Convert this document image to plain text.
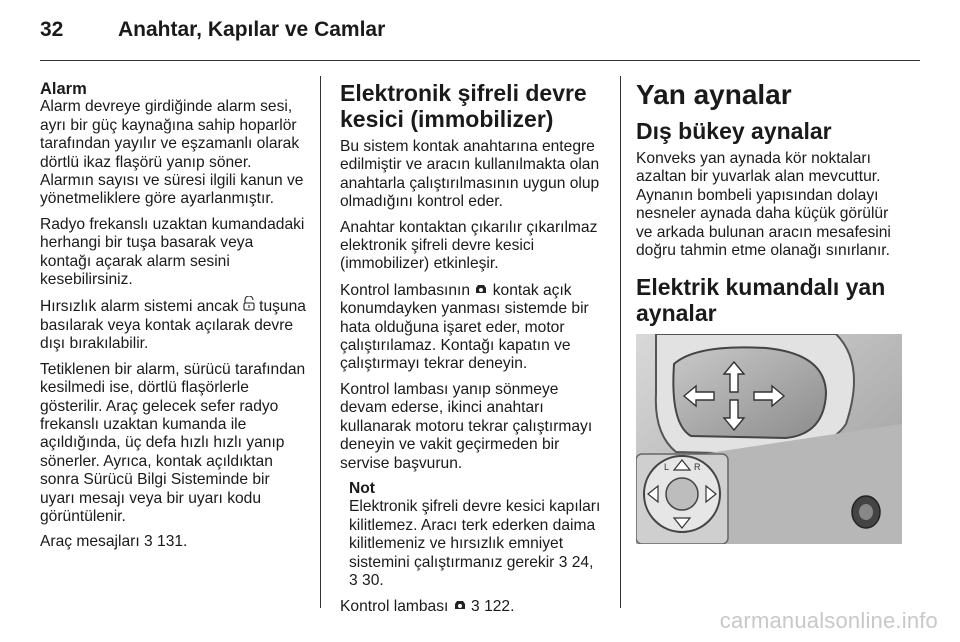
32	Anahtar, Kapılar ve Camlar
Alarm

Alarm devreye girdiğinde alarm sesi, ayrı bir güç kaynağına sahip hoparlör tarafından yayılır ve eşzamanlı olarak dörtlü ikaz flaşörü yanıp söner. Alarmın sayısı ve süresi ilgili kanun ve yönetmeliklere göre ayarlanmıştır.

Radyo frekanslı uzaktan kumandadaki herhangi bir tuşa basarak veya kontağı açarak alarm sesini kesebilirsiniz.

Hırsızlık alarm sistemi ancak tuşuna basılarak veya kontak açılarak devre dışı bırakılabilir.

Tetiklenen bir alarm, sürücü tarafından kesilmedi ise, dörtlü flaşörlerle gösterilir. Araç gelecek sefer radyo frekanslı uzaktan kumanda ile açıldığında, üç defa hızlı hızlı yanıp sönerler. Ayrıca, kontak açıldıktan sonra Sürücü Bilgi Sisteminde bir uyarı mesajı veya bir uyarı kodu görüntülenir.

Araç mesajları 3 131.

Elektronik şifreli devre kesici (immobilizer)

Bu sistem kontak anahtarına entegre edilmiştir ve aracın kullanılmakta olan anahtarla çalıştırılmasının uygun olup olmadığını kontrol eder.

Anahtar kontaktan çıkarılır çıkarılmaz elektronik şifreli devre kesici (immobilizer) etkinleşir.

Kontrol lambasının kontak açık konumdayken yanması sistemde bir hata olduğuna işaret eder, motor çalıştırılamaz. Kontağı kapatın ve çalıştırmayı tekrar deneyin.

Kontrol lambası yanıp sönmeye devam ederse, ikinci anahtarı kullanarak motoru tekrar çalıştırmayı deneyin ve vakit geçirmeden bir servise başvurun.

Not
Elektronik şifreli devre kesici kapıları kilitlemez. Aracı terk ederken daima kilitlemeniz ve hırsızlık emniyet sistemini çalıştırmanız gerekir 3 24, 3 30.

Kontrol lambası 3 122.

Yan aynalar
Dış bükey aynalar

Konveks yan aynada kör noktaları azaltan bir yuvarlak alan mevcuttur. Aynanın bombeli yapısından dolayı nesneler aynada daha küçük görülür ve arkada bulunan aracın mesafesini doğru tahmin etme olanağı sınırlanır.

Elektrik kumandalı yan aynalar
L	R
carmanualsonline.info
